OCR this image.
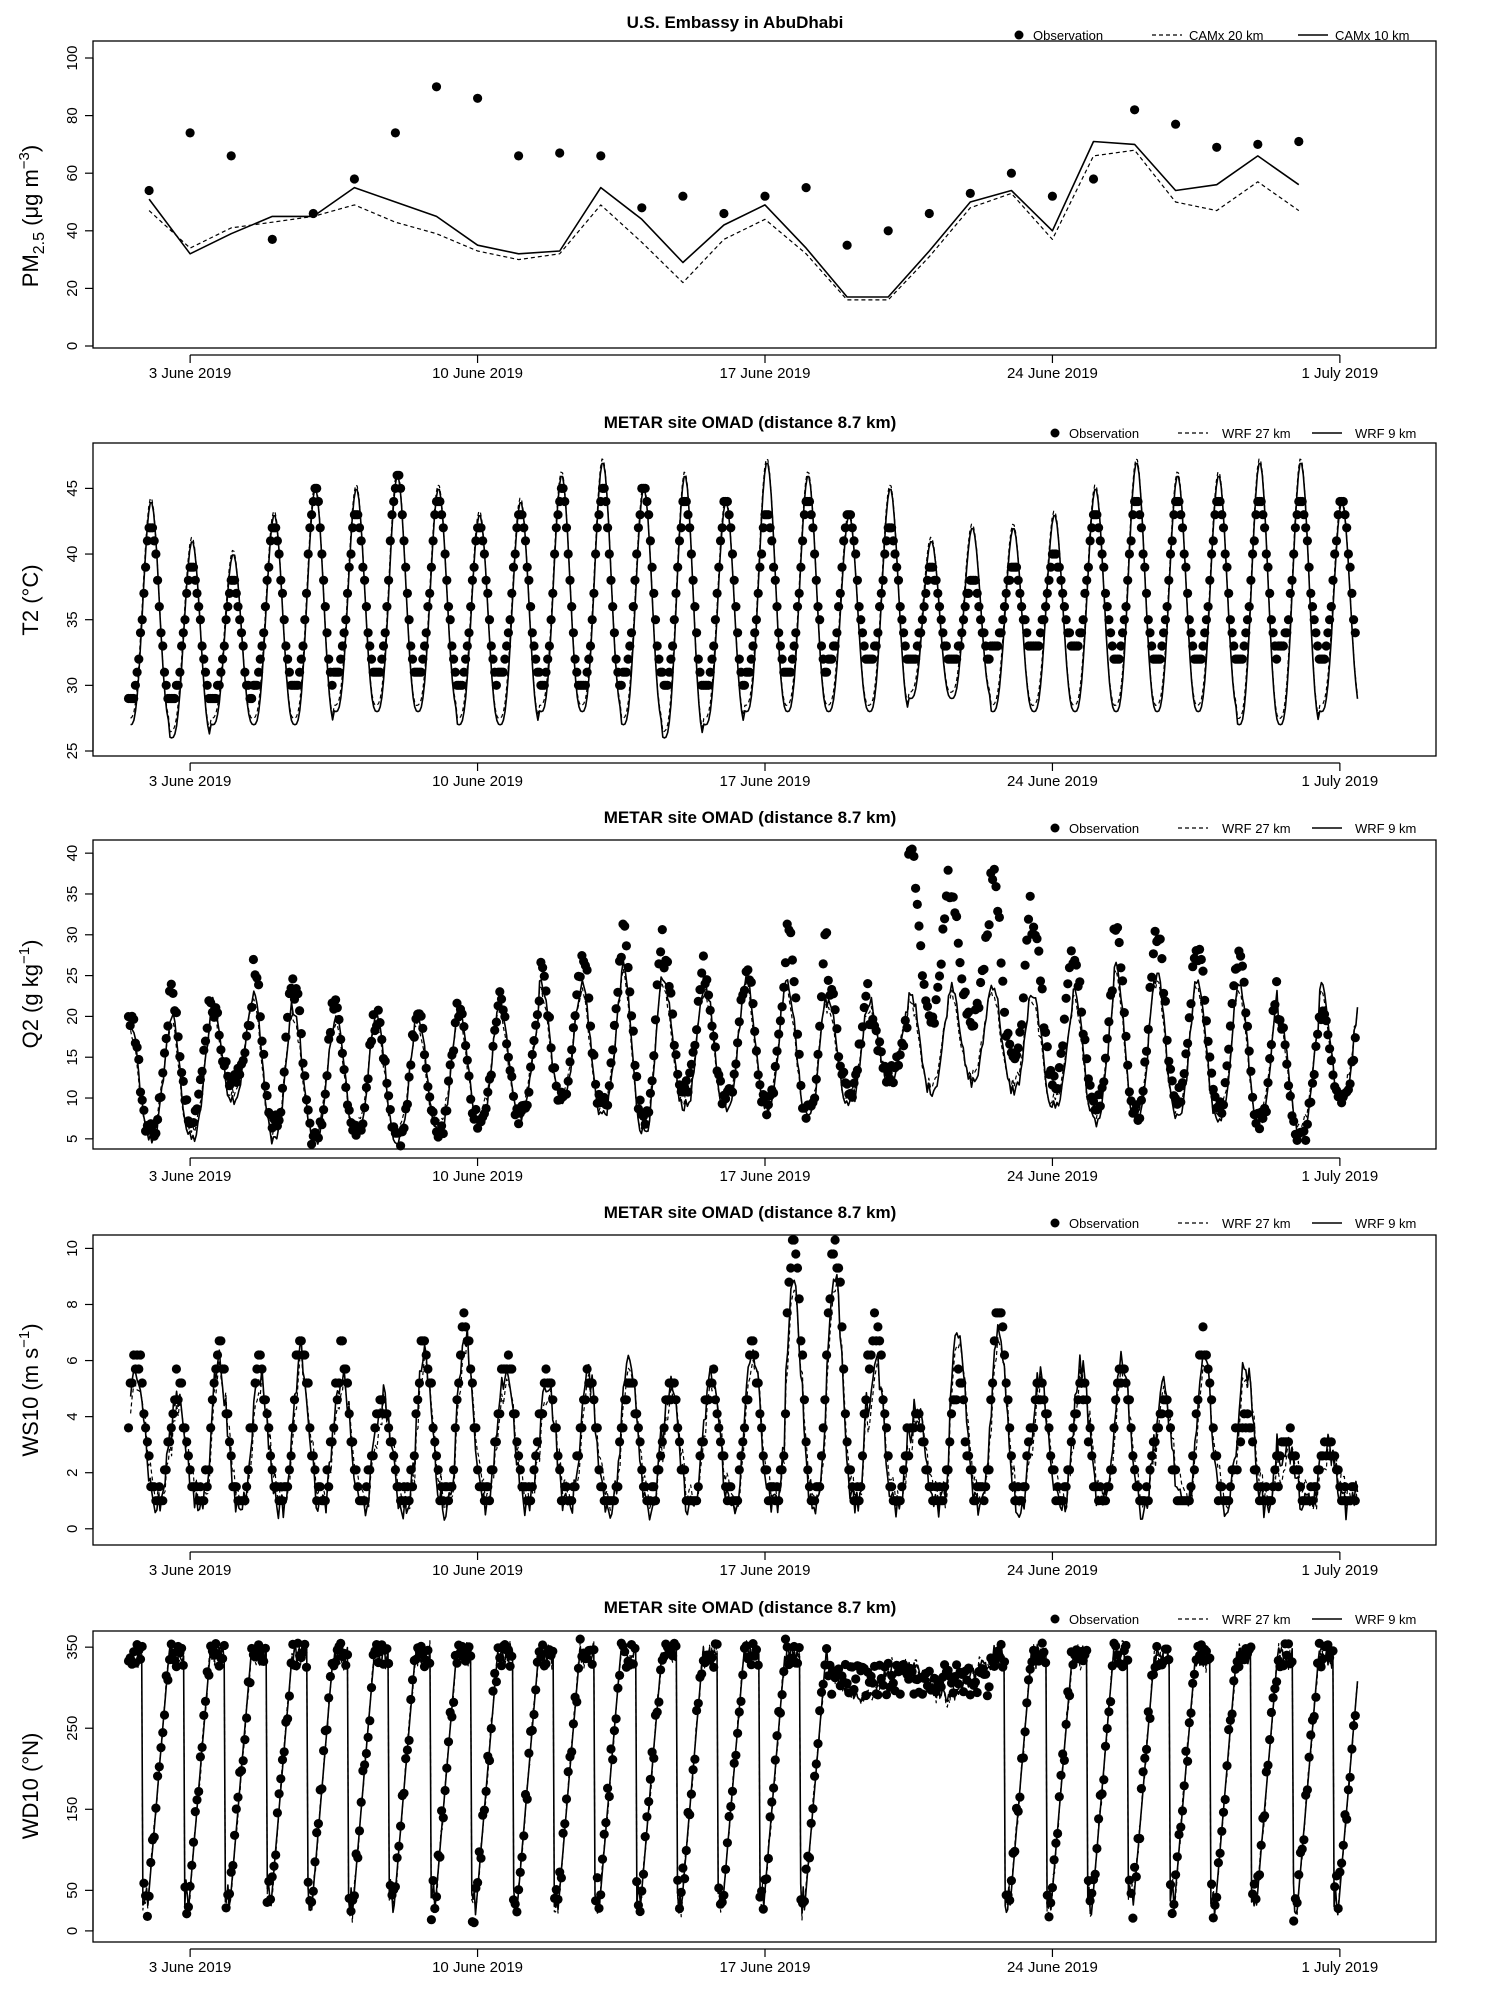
U.S. Embassy in AbuDhabi
Observation	CAMx 20 km	CAMx 10 km
$PM_{2.5}$ (μg $m^{-3}$)
0
20
40
60
80
100
3 June 2019	10 June 2019	17 June 2019	24 June 2019	1 July 2019
METAR site OMAD (distance 8.7 km)
Observation	WRF 27 km	WRF 9 km
T2 (°C)
25
30
35
40
45
3 June 2019	10 June 2019	17 June 2019	24 June 2019	1 July 2019
METAR site OMAD (distance 8.7 km)
Observation	WRF 27 km	WRF 9 km
Q2 (g $kg^{-1}$)
5
10
15
20
25
30
35
40
3 June 2019	10 June 2019	17 June 2019	24 June 2019	1 July 2019
METAR site OMAD (distance 8.7 km)
Observation	WRF 27 km	WRF 9 km
WS10 (m $s^{-1}$)
0
2
4
6
8
10
3 June 2019	10 June 2019	17 June 2019	24 June 2019	1 July 2019
METAR site OMAD (distance 8.7 km)
Observation	WRF 27 km	WRF 9 km
WD10 (°N)
0
50
150
250
350
3 June 2019	10 June 2019	17 June 2019	24 June 2019	1 July 2019
